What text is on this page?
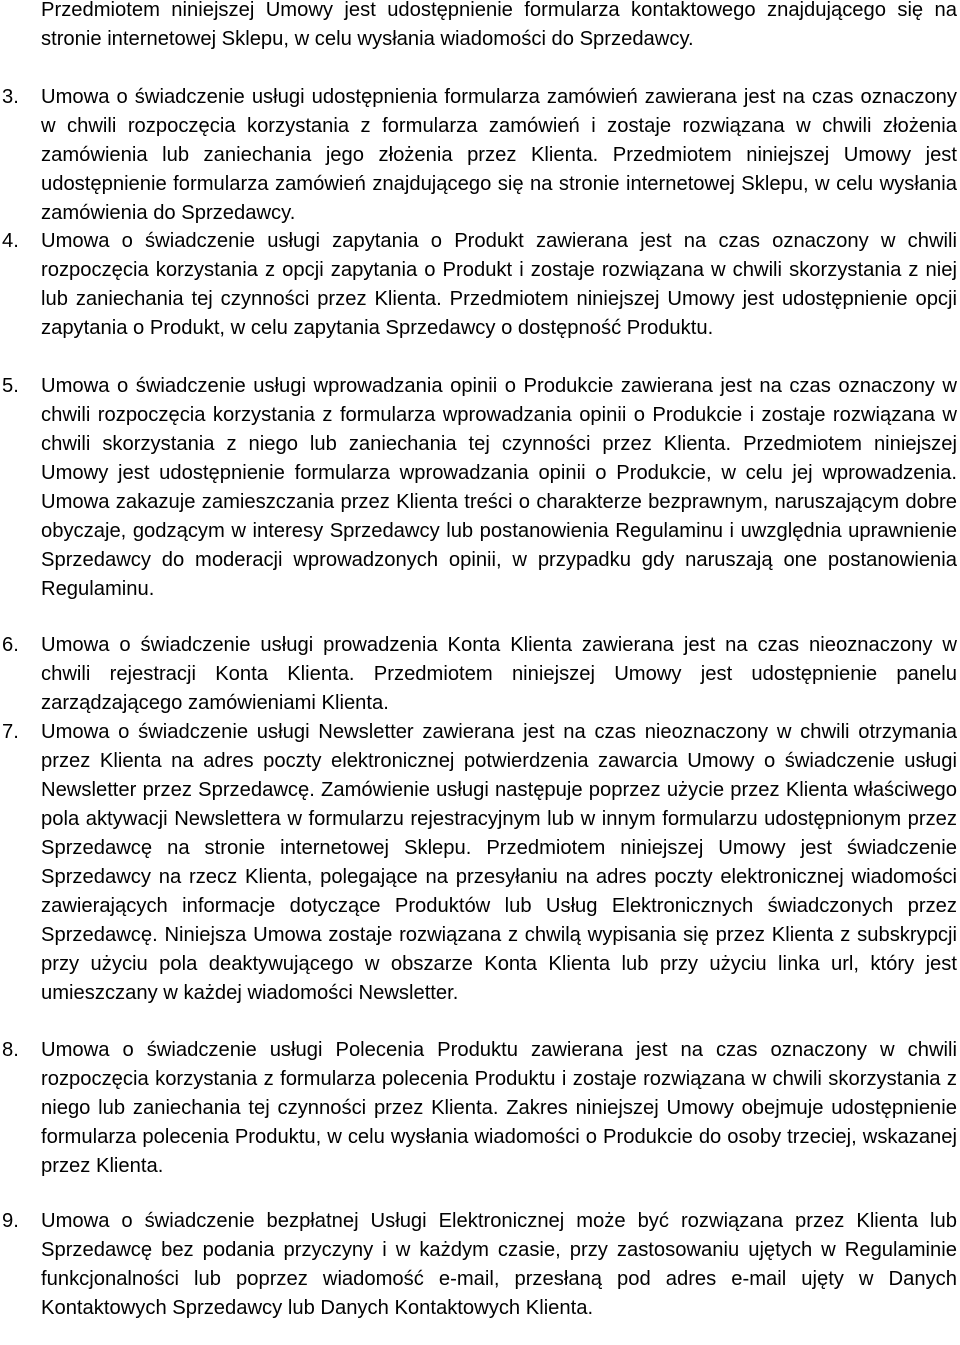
Przedmiotem niniejszej Umowy jest udostępnienie formularza kontaktowego znajdującego się na stronie internetowej Sklepu, w celu wysłania wiadomości do Sprzedawcy.

3.	Umowa o świadczenie usługi udostępnienia formularza zamówień zawierana jest na czas oznaczony w chwili rozpoczęcia korzystania z formularza zamówień i zostaje rozwiązana w chwili złożenia zamówienia lub zaniechania jego złożenia przez Klienta. Przedmiotem niniejszej Umowy jest udostępnienie formularza zamówień znajdującego się na stronie internetowej Sklepu, w celu wysłania zamówienia do Sprzedawcy.

4.	Umowa o świadczenie usługi zapytania o Produkt zawierana jest na czas oznaczony w chwili rozpoczęcia korzystania z opcji zapytania o Produkt i zostaje rozwiązana w chwili skorzystania z niej lub zaniechania tej czynności przez Klienta. Przedmiotem niniejszej Umowy jest udostępnienie opcji zapytania o Produkt, w celu zapytania Sprzedawcy o dostępność Produktu.

5.	Umowa o świadczenie usługi wprowadzania opinii o Produkcie zawierana jest na czas oznaczony w chwili rozpoczęcia korzystania z formularza wprowadzania opinii o Produkcie i zostaje rozwiązana w chwili skorzystania z niego lub zaniechania tej czynności przez Klienta. Przedmiotem niniejszej Umowy jest udostępnienie formularza wprowadzania opinii o Produkcie, w celu jej wprowadzenia. Umowa zakazuje zamieszczania przez Klienta treści o charakterze bezprawnym, naruszającym dobre obyczaje, godzącym w interesy Sprzedawcy lub postanowienia Regulaminu i uwzględnia uprawnienie Sprzedawcy do moderacji wprowadzonych opinii, w przypadku gdy naruszają one postanowienia Regulaminu.

6.	Umowa o świadczenie usługi prowadzenia Konta Klienta zawierana jest na czas nieoznaczony w chwili rejestracji Konta Klienta. Przedmiotem niniejszej Umowy jest udostępnienie panelu zarządzającego zamówieniami Klienta.

7.	Umowa o świadczenie usługi Newsletter zawierana jest na czas nieoznaczony w chwili otrzymania przez Klienta na adres poczty elektronicznej potwierdzenia zawarcia Umowy o świadczenie usługi Newsletter przez Sprzedawcę. Zamówienie usługi następuje poprzez użycie przez Klienta właściwego pola aktywacji Newslettera w formularzu rejestracyjnym lub w innym formularzu udostępnionym przez Sprzedawcę na stronie internetowej Sklepu. Przedmiotem niniejszej Umowy jest świadczenie Sprzedawcy na rzecz Klienta, polegające na przesyłaniu na adres poczty elektronicznej wiadomości zawierających informacje dotyczące Produktów lub Usług Elektronicznych świadczonych przez Sprzedawcę. Niniejsza Umowa zostaje rozwiązana z chwilą wypisania się przez Klienta z subskrypcji przy użyciu pola deaktywującego w obszarze Konta Klienta lub przy użyciu linka url, który jest umieszczany w każdej wiadomości Newsletter.

8.	Umowa o świadczenie usługi Polecenia Produktu zawierana jest na czas oznaczony w chwili rozpoczęcia korzystania z formularza polecenia Produktu i zostaje rozwiązana w chwili skorzystania z niego lub zaniechania tej czynności przez Klienta. Zakres niniejszej Umowy obejmuje udostępnienie formularza polecenia Produktu, w celu wysłania wiadomości o Produkcie do osoby trzeciej, wskazanej przez Klienta.

9.	Umowa o świadczenie bezpłatnej Usługi Elektronicznej może być rozwiązana przez Klienta lub Sprzedawcę bez podania przyczyny i w każdym czasie, przy zastosowaniu ujętych w Regulaminie funkcjonalności lub poprzez wiadomość e-mail, przesłaną pod adres e-mail ujęty w Danych Kontaktowych Sprzedawcy lub Danych Kontaktowych Klienta.
